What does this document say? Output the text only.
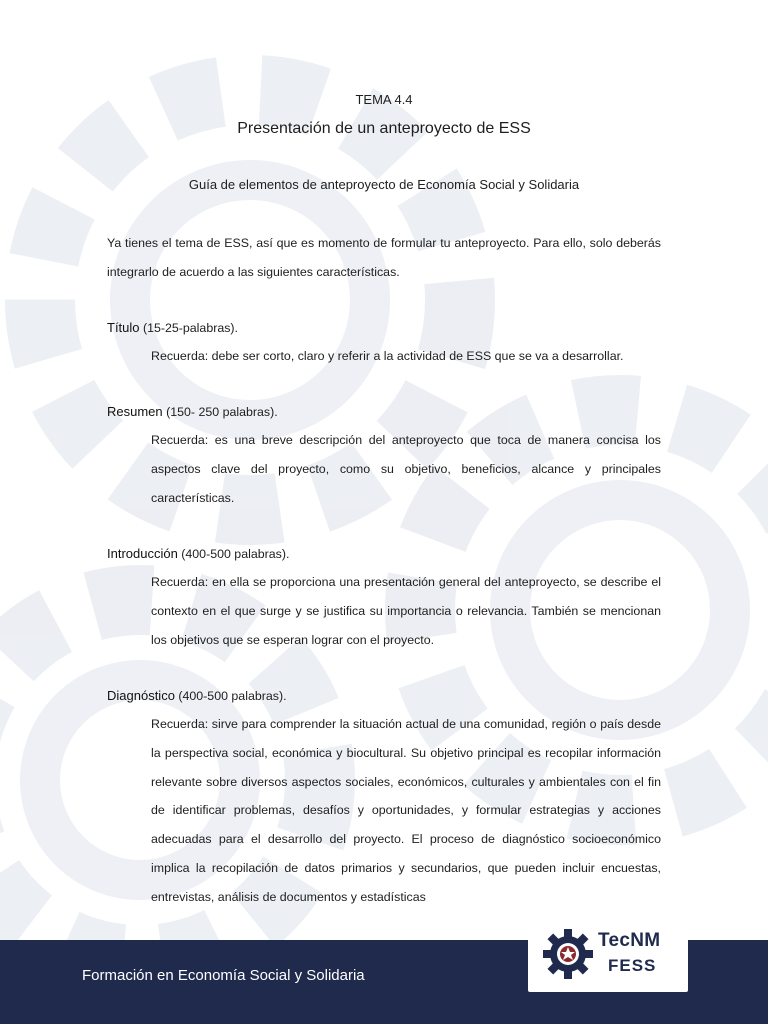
TEMA 4.4
Presentación de un anteproyecto de ESS
Guía de elementos de anteproyecto de Economía Social y Solidaria

Ya tienes el tema de ESS, así que es momento de formular tu anteproyecto. Para ello, solo deberás integrarlo de acuerdo a las siguientes características.

Título (15-25-palabras).

Recuerda: debe ser corto, claro y referir a la actividad de ESS que se va a desarrollar.

Resumen (150- 250 palabras).

Recuerda: es una breve descripción del anteproyecto que toca de manera concisa los aspectos clave del proyecto, como su objetivo, beneficios, alcance y principales características.

Introducción (400-500 palabras).

Recuerda: en ella se proporciona una presentación general del anteproyecto, se describe el contexto en el que surge y se justifica su importancia o relevancia. También se mencionan los objetivos que se esperan lograr con el proyecto.

Diagnóstico (400-500 palabras).

Recuerda: sirve para comprender la situación actual de una comunidad, región o país desde la perspectiva social, económica y biocultural. Su objetivo principal es recopilar información relevante sobre diversos aspectos sociales, económicos, culturales y ambientales con el fin de identificar problemas, desafíos y oportunidades, y formular estrategias y acciones adecuadas para el desarrollo del proyecto. El proceso de diagnóstico socioeconómico implica la recopilación de datos primarios y secundarios, que pueden incluir encuestas, entrevistas, análisis de documentos y estadísticas

Formación en Economía Social y Solidaria
TecNM
FESS
